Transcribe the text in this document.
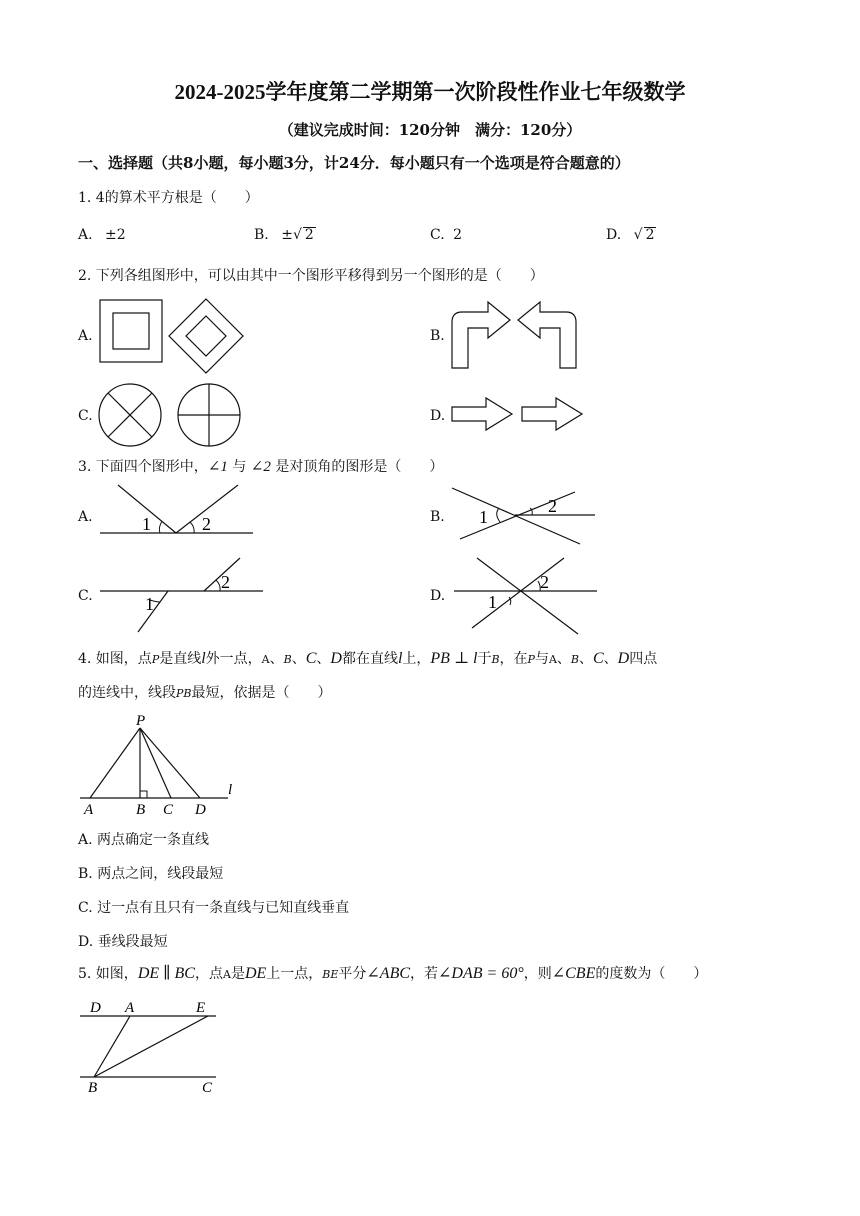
2024-2025学年度第二学期第一次阶段性作业七年级数学
（建议完成时间：120分钟　满分：120分）
一、选择题（共8小题，每小题3分，计24分．每小题只有一个选项是符合题意的）
1. 4的算术平方根是（　　）
A. ±2	B. ±√ 2	C. 2	D. √ 2
2. 下列各组图形中，可以由其中一个图形平移得到另一个图形的是（　　）
A.	B.
C.	D.
3. 下面四个图形中，∠1 与 ∠2 是对顶角的图形是（　　）
A.	1	2	B. 1
2
C.	1
2
D. 1
2
4. 如图，点P是直线l外一点，A、B、C、D都在直线l上，PB ⊥ l于B，在P与A、B、C、D四点
的连线中，线段PB最短，依据是（　　）
P
A	B C D
l
A. 两点确定一条直线
B. 两点之间，线段最短
C. 过一点有且只有一条直线与已知直线垂直
D. 垂线段最短
5. 如图，DE ∥ BC，点A是DE上一点，BE平分∠ABC，若∠DAB = 60°，则∠CBE的度数为（　　）
D A	E
B	C
